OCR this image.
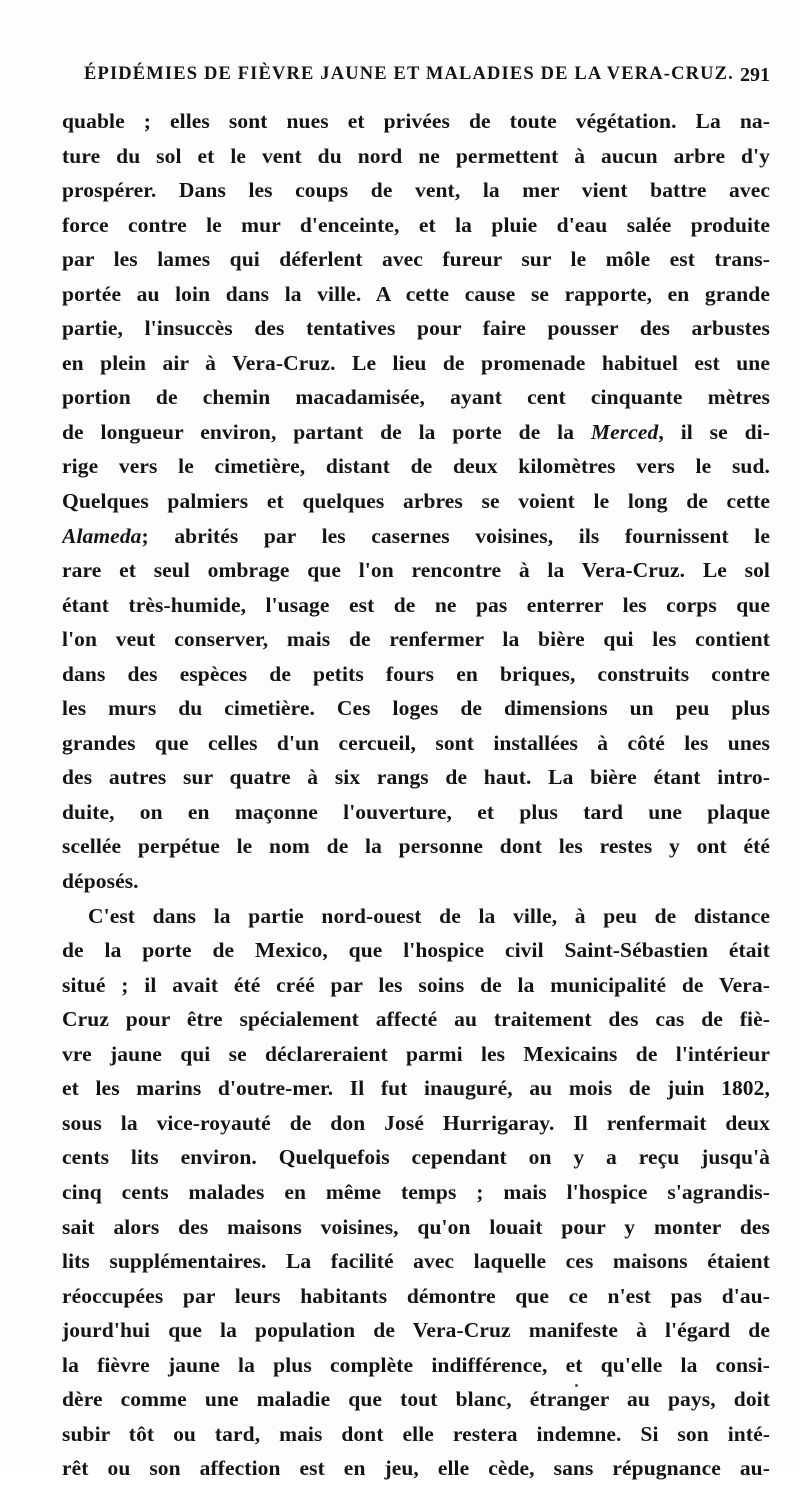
ÉPIDÉMIES DE FIÈVRE JAUNE ET MALADIES DE LA VERA-CRUZ. 291
quable ; elles sont nues et privées de toute végétation. La na-
ture du sol et le vent du nord ne permettent à aucun arbre d'y
prospérer. Dans les coups de vent, la mer vient battre avec
force contre le mur d'enceinte, et la pluie d'eau salée produite
par les lames qui déferlent avec fureur sur le môle est trans-
portée au loin dans la ville. A cette cause se rapporte, en grande
partie, l'insuccès des tentatives pour faire pousser des arbustes
en plein air à Vera-Cruz. Le lieu de promenade habituel est une
portion de chemin macadamisée, ayant cent cinquante mètres
de longueur environ, partant de la porte de la Merced, il se di-
rige vers le cimetière, distant de deux kilomètres vers le sud.
Quelques palmiers et quelques arbres se voient le long de cette
Alameda; abrités par les casernes voisines, ils fournissent le
rare et seul ombrage que l'on rencontre à la Vera-Cruz. Le sol
étant très-humide, l'usage est de ne pas enterrer les corps que
l'on veut conserver, mais de renfermer la bière qui les contient
dans des espèces de petits fours en briques, construits contre
les murs du cimetière. Ces loges de dimensions un peu plus
grandes que celles d'un cercueil, sont installées à côté les unes
des autres sur quatre à six rangs de haut. La bière étant intro-
duite, on en maçonne l'ouverture, et plus tard une plaque
scellée perpétue le nom de la personne dont les restes y ont été
déposés.
C'est dans la partie nord-ouest de la ville, à peu de distance
de la porte de Mexico, que l'hospice civil Saint-Sébastien était
situé ; il avait été créé par les soins de la municipalité de Vera-
Cruz pour être spécialement affecté au traitement des cas de fiè-
vre jaune qui se déclareraient parmi les Mexicains de l'intérieur
et les marins d'outre-mer. Il fut inauguré, au mois de juin 1802,
sous la vice-royauté de don José Hurrigaray. Il renfermait deux
cents lits environ. Quelquefois cependant on y a reçu jusqu'à
cinq cents malades en même temps ; mais l'hospice s'agrandis-
sait alors des maisons voisines, qu'on louait pour y monter des
lits supplémentaires. La facilité avec laquelle ces maisons étaient
réoccupées par leurs habitants démontre que ce n'est pas d'au-
jourd'hui que la population de Vera-Cruz manifeste à l'égard de
la fièvre jaune la plus complète indifférence, et qu'elle la consi-
dère comme une maladie que tout blanc, étranger au pays, doit
subir tôt ou tard, mais dont elle restera indemne. Si son inté-
rêt ou son affection est en jeu, elle cède, sans répugnance au-
